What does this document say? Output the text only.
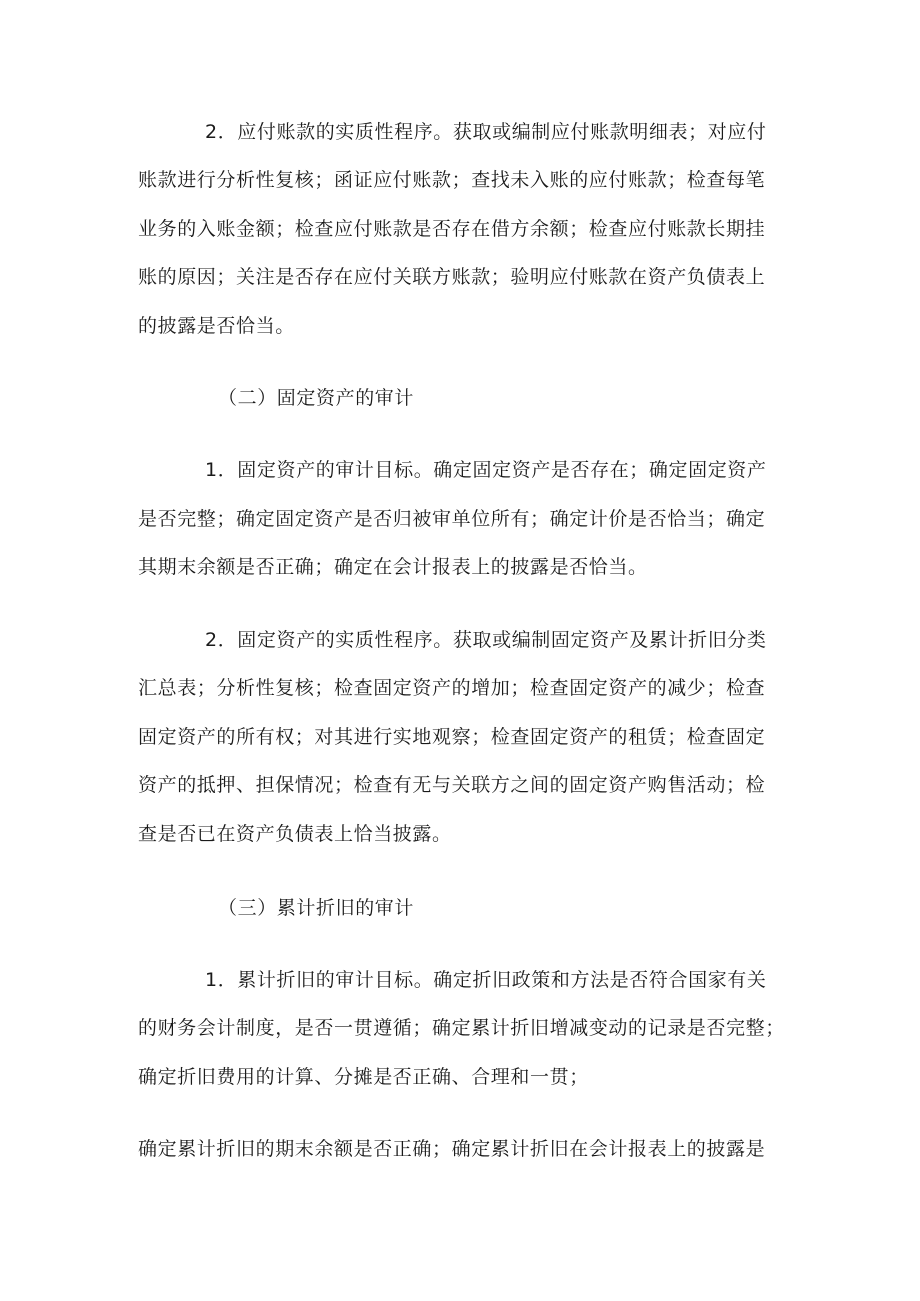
2．应付账款的实质性程序。获取或编制应付账款明细表；对应付
账款进行分析性复核；函证应付账款；查找未入账的应付账款；检查每笔
业务的入账金额；检查应付账款是否存在借方余额；检查应付账款长期挂
账的原因；关注是否存在应付关联方账款；验明应付账款在资产负债表上
的披露是否恰当。
（二）固定资产的审计
1．固定资产的审计目标。确定固定资产是否存在；确定固定资产
是否完整；确定固定资产是否归被审单位所有；确定计价是否恰当；确定
其期末余额是否正确；确定在会计报表上的披露是否恰当。
2．固定资产的实质性程序。获取或编制固定资产及累计折旧分类
汇总表；分析性复核；检查固定资产的增加；检查固定资产的减少；检查
固定资产的所有权；对其进行实地观察；检查固定资产的租赁；检查固定
资产的抵押、担保情况；检查有无与关联方之间的固定资产购售活动；检
查是否已在资产负债表上恰当披露。
（三）累计折旧的审计
1．累计折旧的审计目标。确定折旧政策和方法是否符合国家有关
的财务会计制度，是否一贯遵循；确定累计折旧增减变动的记录是否完整；
确定折旧费用的计算、分摊是否正确、合理和一贯；
确定累计折旧的期末余额是否正确；确定累计折旧在会计报表上的披露是
